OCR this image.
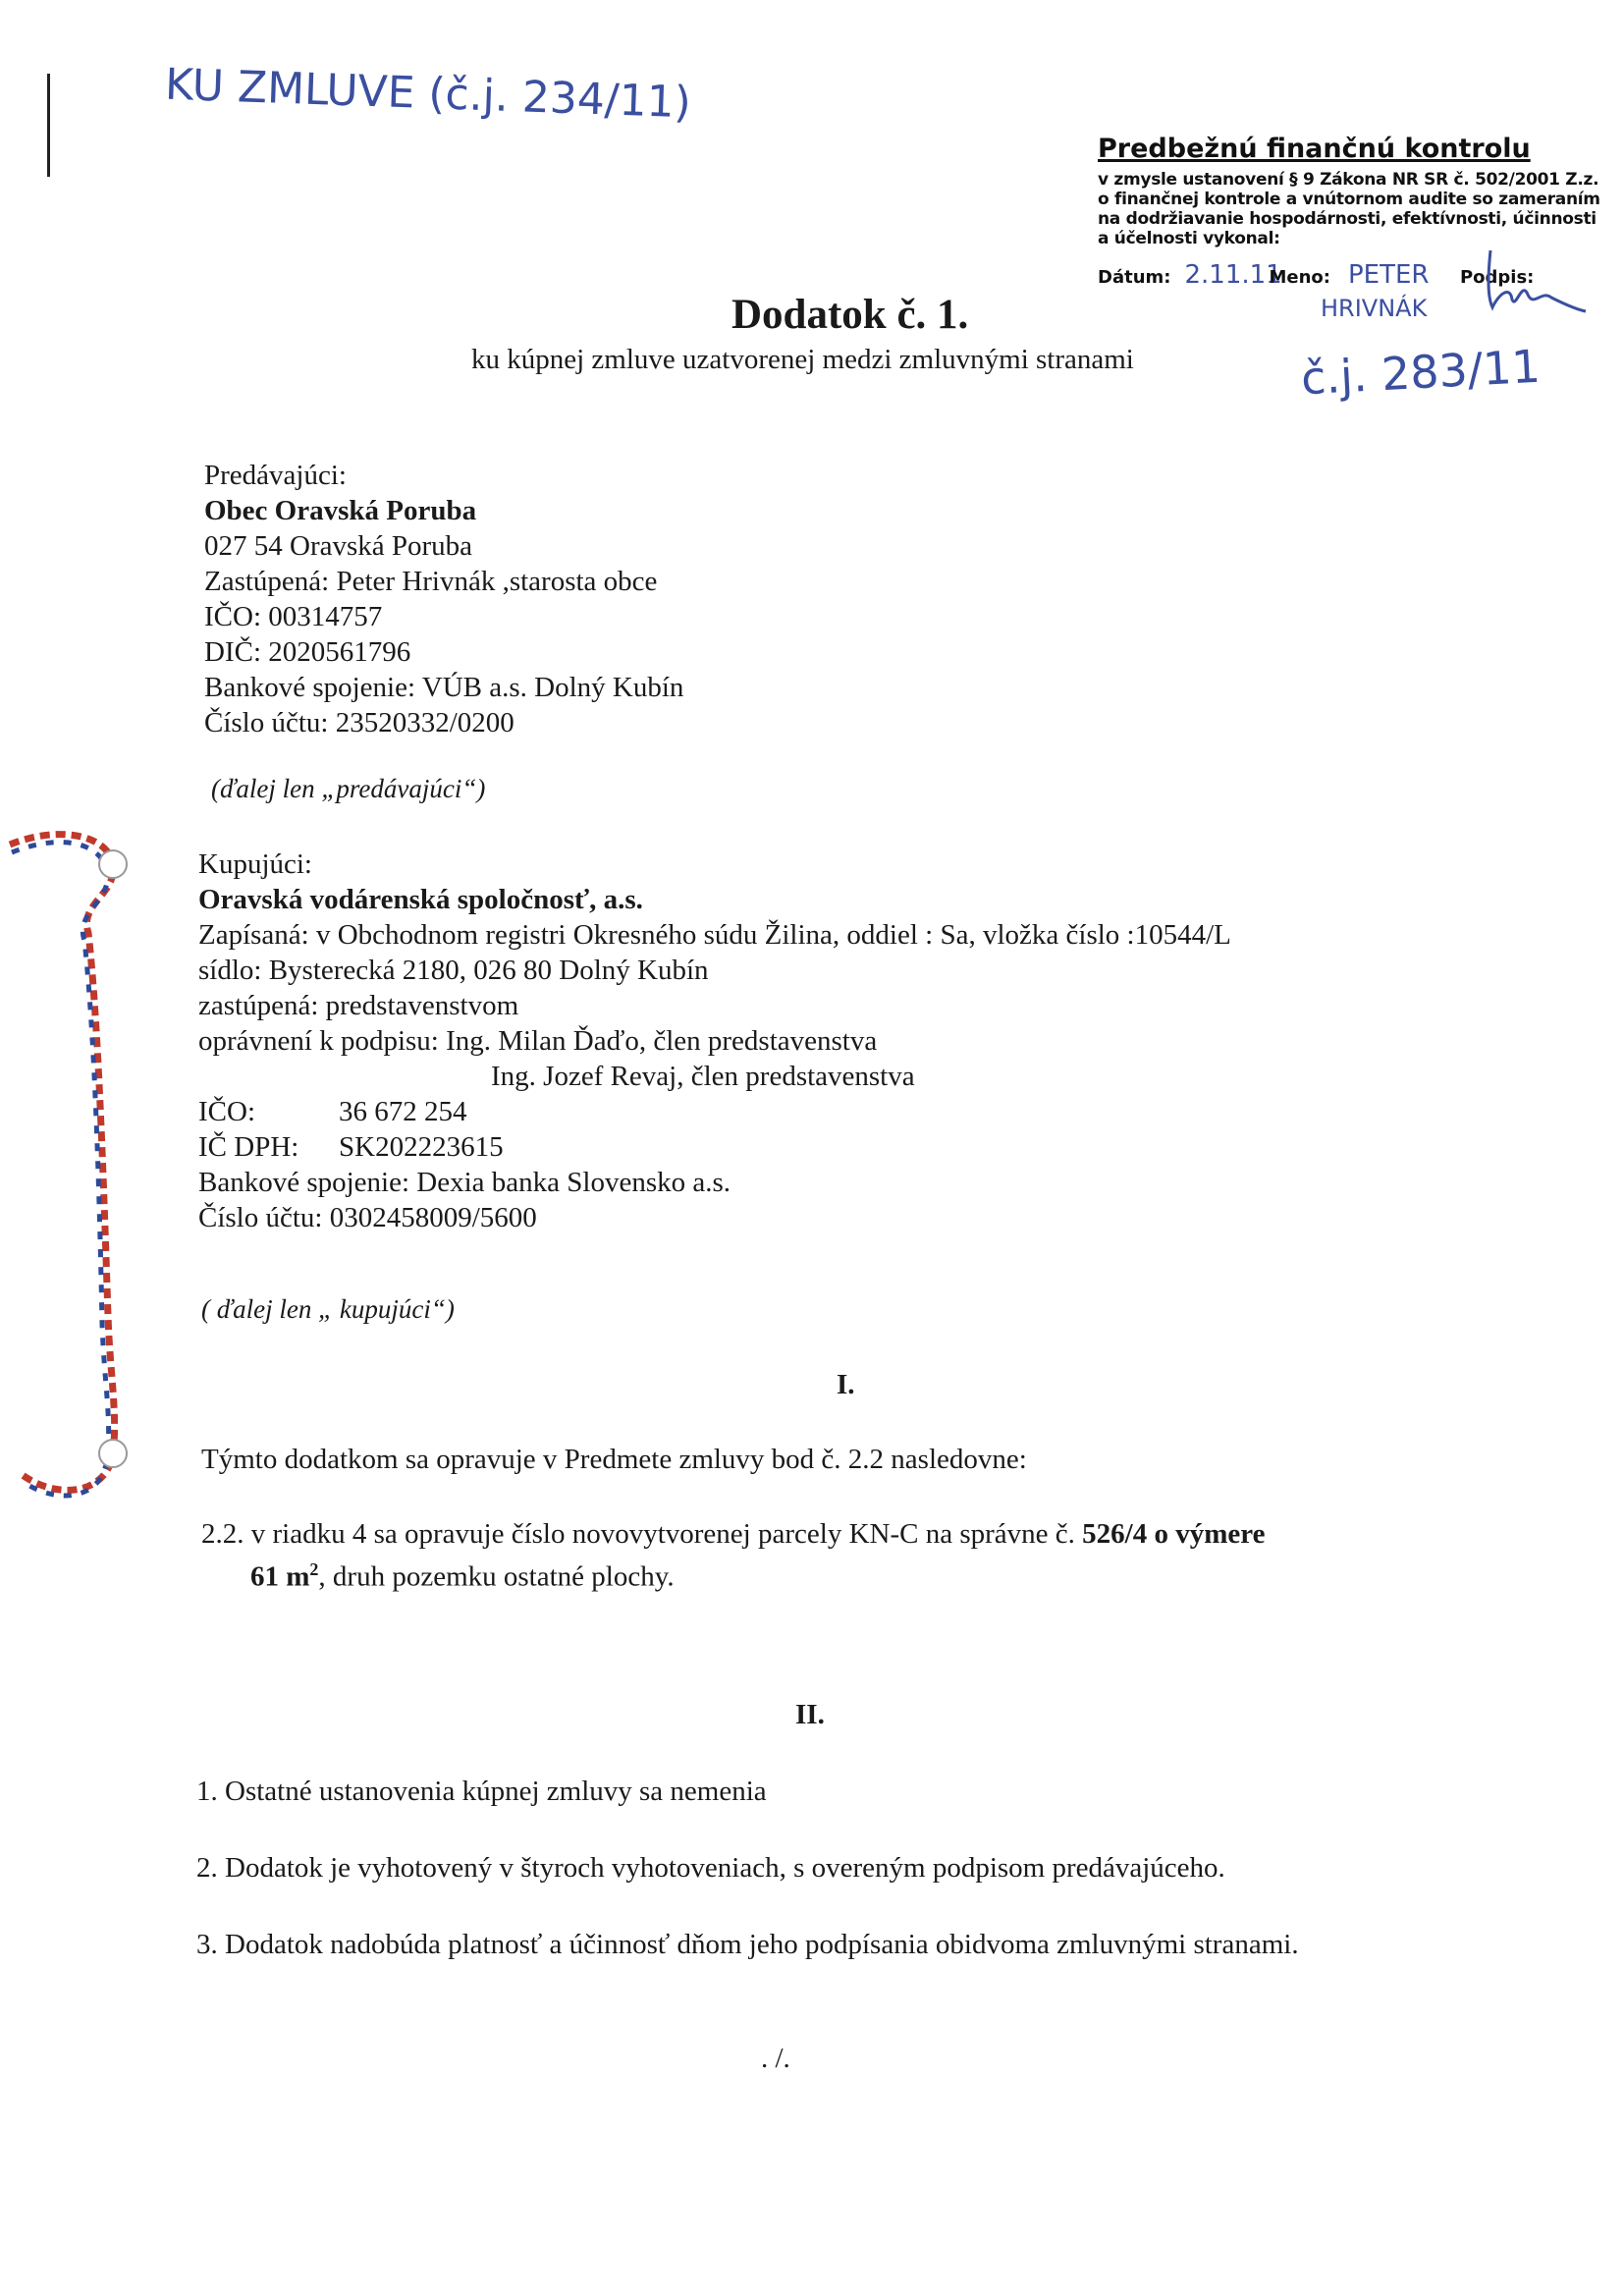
KU ZMLUVE (č.j. 234/11)
Predbežnú finančnú kontrolu
v zmysle ustanovení § 9 Zákona NR SR č. 502/2001 Z.z.
o finančnej kontrole a vnútornom audite so zameraním
na dodržiavanie hospodárnosti, efektívnosti, účinnosti
a účelnosti vykonal:
Dátum: 2.11.11
Meno: PETER	Podpis:
HRIVNÁK
č.j. 283/11
Dodatok č. 1.
ku kúpnej zmluve uzatvorenej medzi zmluvnými stranami
Predávajúci:
Obec Oravská Poruba
027 54 Oravská Poruba
Zastúpená: Peter Hrivnák ,starosta obce
IČO: 00314757
DIČ: 2020561796
Bankové spojenie: VÚB a.s. Dolný Kubín
Číslo účtu: 23520332/0200
(ďalej len „predávajúci“)
Kupujúci:
Oravská vodárenská spoločnosť, a.s.
Zapísaná: v Obchodnom registri Okresného súdu Žilina, oddiel : Sa, vložka číslo :10544/L
sídlo: Bysterecká 2180, 026 80 Dolný Kubín
zastúpená: predstavenstvom
oprávnení k podpisu: Ing. Milan Ďaďo, člen predstavenstva
Ing. Jozef Revaj, člen predstavenstva
IČO:	36 672 254
IČ DPH:	SK202223615
Bankové spojenie: Dexia banka Slovensko a.s.
Číslo účtu: 0302458009/5600
( ďalej len „ kupujúci“)
I.
Týmto dodatkom sa opravuje v Predmete zmluvy bod č. 2.2 nasledovne:
2.2. v riadku 4 sa opravuje číslo novovytvorenej parcely KN-C na správne č. 526/4 o výmere
61 $m^2$, druh pozemku ostatné plochy.
II.
1. Ostatné ustanovenia kúpnej zmluvy sa nemenia
2. Dodatok je vyhotovený v štyroch vyhotoveniach, s overeným podpisom predávajúceho.
3. Dodatok nadobúda platnosť a účinnosť dňom jeho podpísania obidvoma zmluvnými stranami.
. /.
